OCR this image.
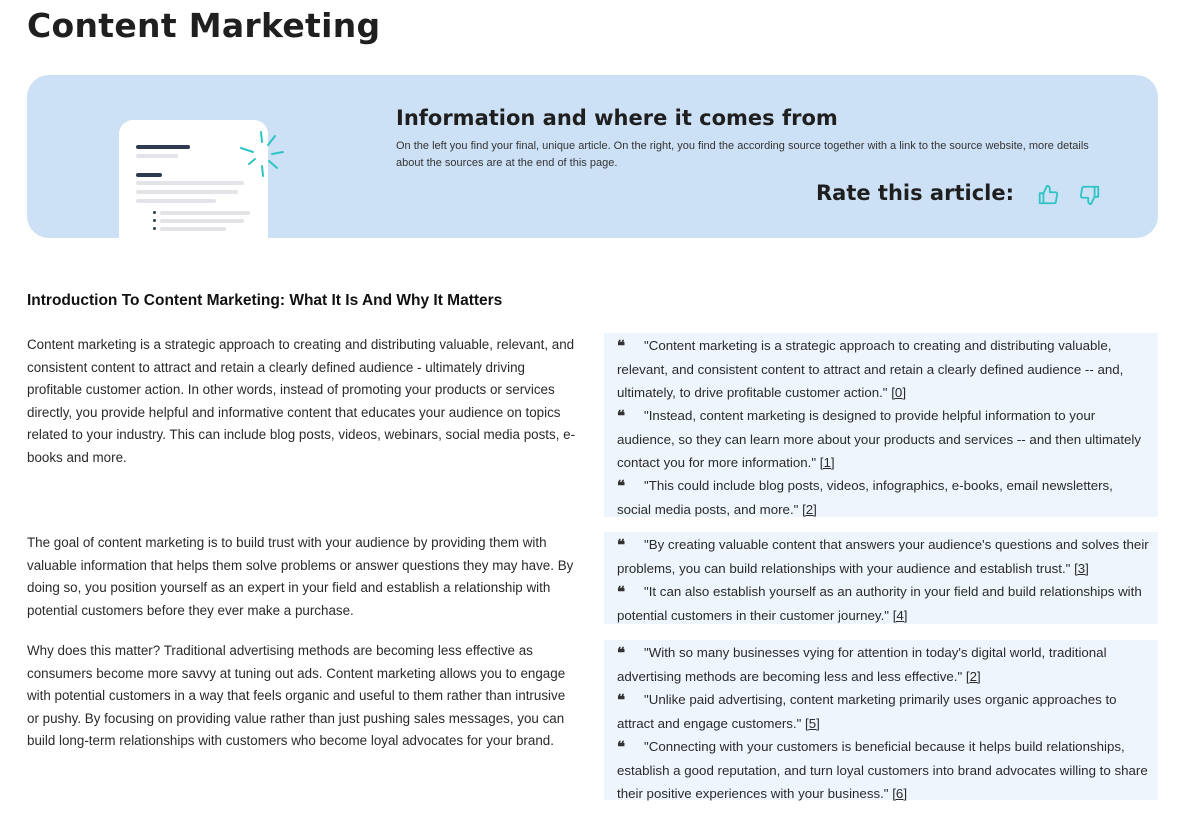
Content Marketing
Information and where it comes from
On the left you find your final, unique article. On the right, you find the according source together with a link to the source website, more details about the sources are at the end of this page.
Rate this article:
Introduction To Content Marketing: What It Is And Why It Matters

Content marketing is a strategic approach to creating and distributing valuable, relevant, and consistent content to attract and retain a clearly defined audience - ultimately driving profitable customer action. In other words, instead of promoting your products or services directly, you provide helpful and informative content that educates your audience on topics related to your industry. This can include blog posts, videos, webinars, social media posts, e-books and more.

❝ "Content marketing is a strategic approach to creating and distributing valuable, relevant, and consistent content to attract and retain a clearly defined audience -- and, ultimately, to drive profitable customer action." [0]
❝ "Instead, content marketing is designed to provide helpful information to your audience, so they can learn more about your products and services -- and then ultimately contact you for more information." [1]
❝ "This could include blog posts, videos, infographics, e-books, email newsletters, social media posts, and more." [2]

The goal of content marketing is to build trust with your audience by providing them with valuable information that helps them solve problems or answer questions they may have. By doing so, you position yourself as an expert in your field and establish a relationship with potential customers before they ever make a purchase.

❝ "By creating valuable content that answers your audience's questions and solves their problems, you can build relationships with your audience and establish trust." [3]
❝ "It can also establish yourself as an authority in your field and build relationships with potential customers in their customer journey." [4]

Why does this matter? Traditional advertising methods are becoming less effective as consumers become more savvy at tuning out ads. Content marketing allows you to engage with potential customers in a way that feels organic and useful to them rather than intrusive or pushy. By focusing on providing value rather than just pushing sales messages, you can build long-term relationships with customers who become loyal advocates for your brand.

❝ "With so many businesses vying for attention in today's digital world, traditional advertising methods are becoming less and less effective." [2]
❝ "Unlike paid advertising, content marketing primarily uses organic approaches to attract and engage customers." [5]
❝ "Connecting with your customers is beneficial because it helps build relationships, establish a good reputation, and turn loyal customers into brand advocates willing to share their positive experiences with your business." [6]
